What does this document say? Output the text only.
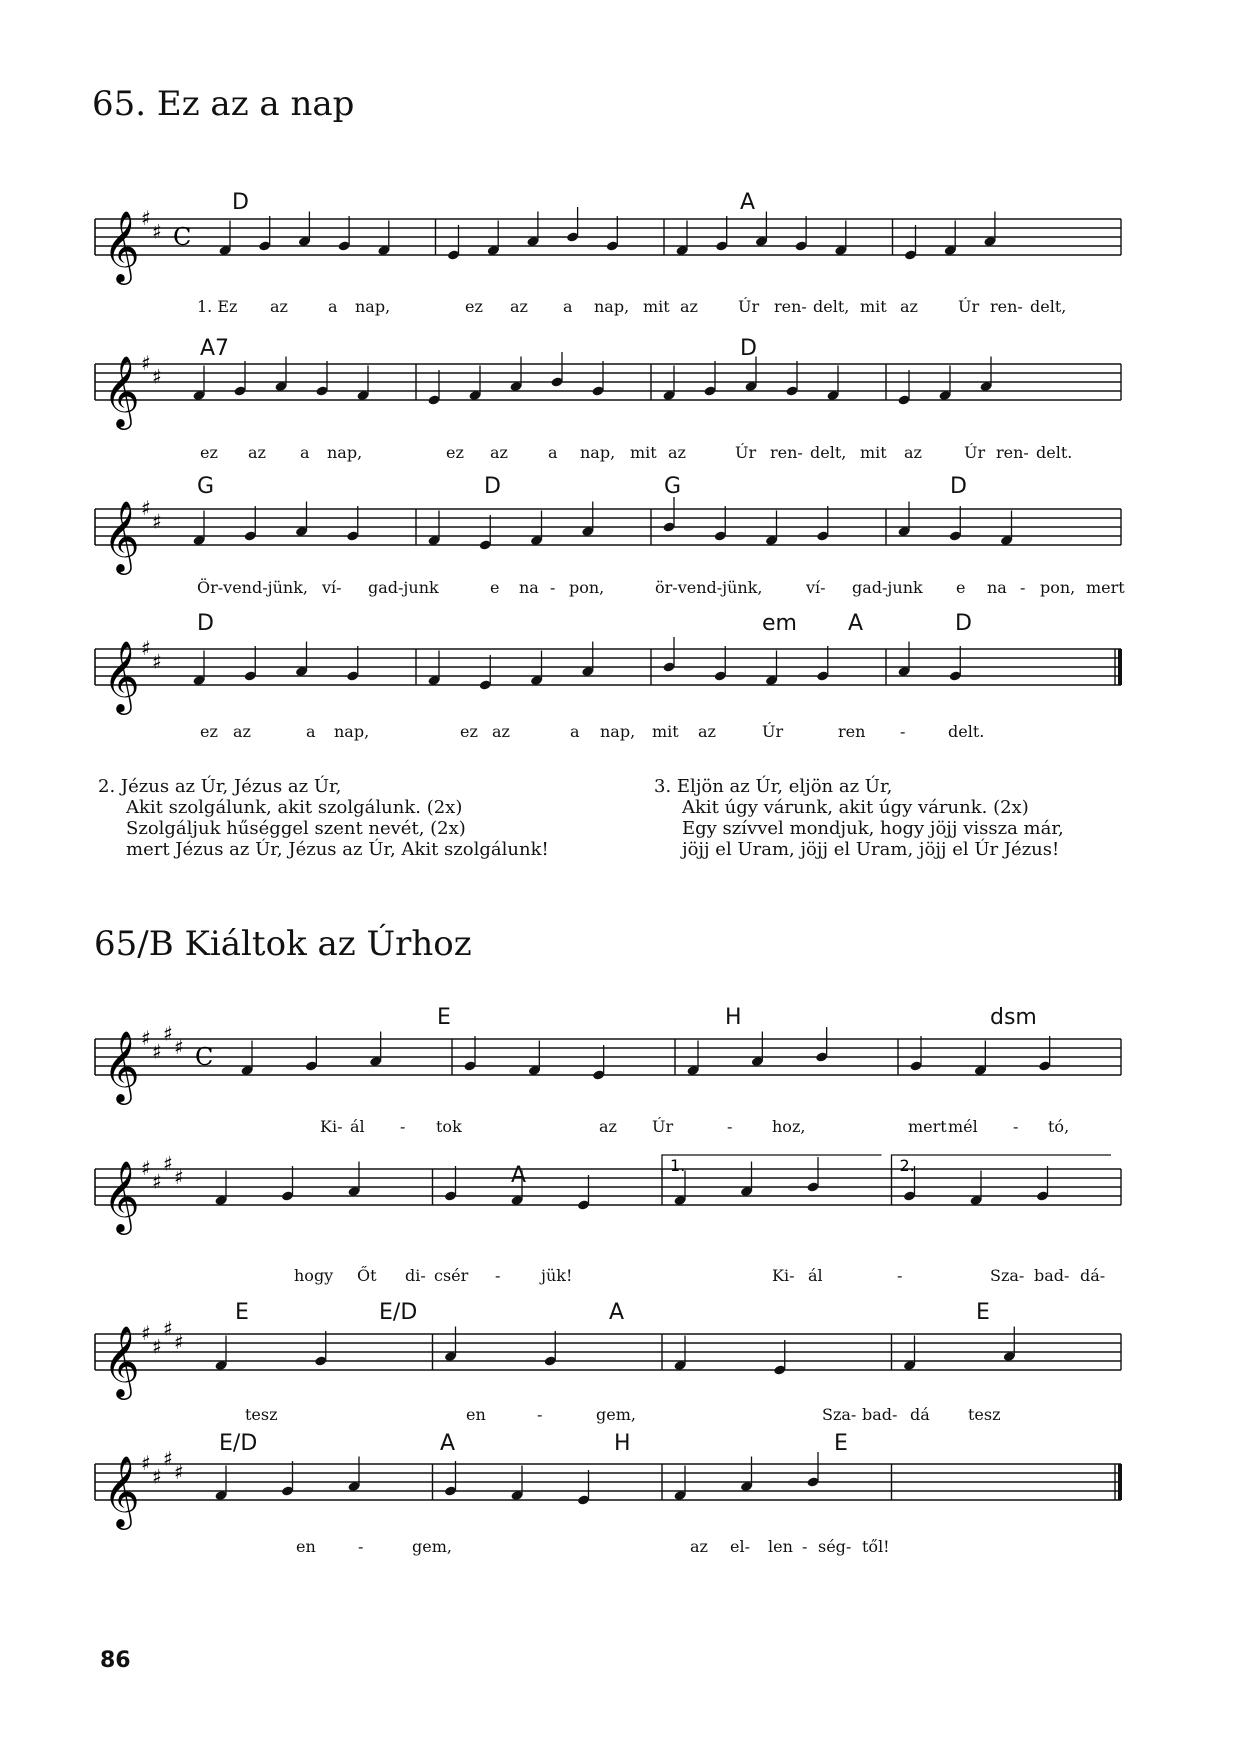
65. Ez az a nap
D	A
𝄞 ♯
♯ C
1. Ez az	a nap,	ez az a nap, mit az	Úr ren- delt, mit az	Úr ren- delt,
A7	D
𝄞 ♯
♯
ez az a nap,	ez az	a nap, mit az	Úr ren- delt, mit az	Úr ren- delt.
G	D	G	D
𝄞 ♯
♯
Ör-vend-jünk, ví- gad-junk	e na - pon,	ör-vend-jünk,	ví- gad-junk e na - pon, mert
D	em A	D
𝄞 ♯
♯
ez az	a nap,	ez az	a nap, mit az	Úr	ren -	delt.
2. Jézus az Úr, Jézus az Úr,
Akit szolgálunk, akit szolgálunk. (2x)
Szolgáljuk hűséggel szent nevét, (2x)
mert Jézus az Úr, Jézus az Úr, Akit szolgálunk!
3. Eljön az Úr, eljön az Úr,
Akit úgy várunk, akit úgy várunk. (2x)
Egy szívvel mondjuk, hogy jöjj vissza már,
jöjj el Uram, jöjj el Uram, jöjj el Úr Jézus!
65/B Kiáltok az Úrhoz
E	H	dsm
𝄞 ♯
♯
♯
♯ C
Ki- ál - tok	az Úr	- hoz,	mert mél - tó,
A
𝄞 ♯
♯
♯
♯	1.	2.
hogy Őt di- csér -	jük!	Ki- ál	-	Sza- bad- dá-
E	E/D	A	E
𝄞 ♯
♯
♯
♯
tesz	en	-	gem,	Sza- bad- dá tesz
E/D	A	H	E
𝄞 ♯
♯
♯
♯
en	-	gem,	az el- len - ség- től!
86
